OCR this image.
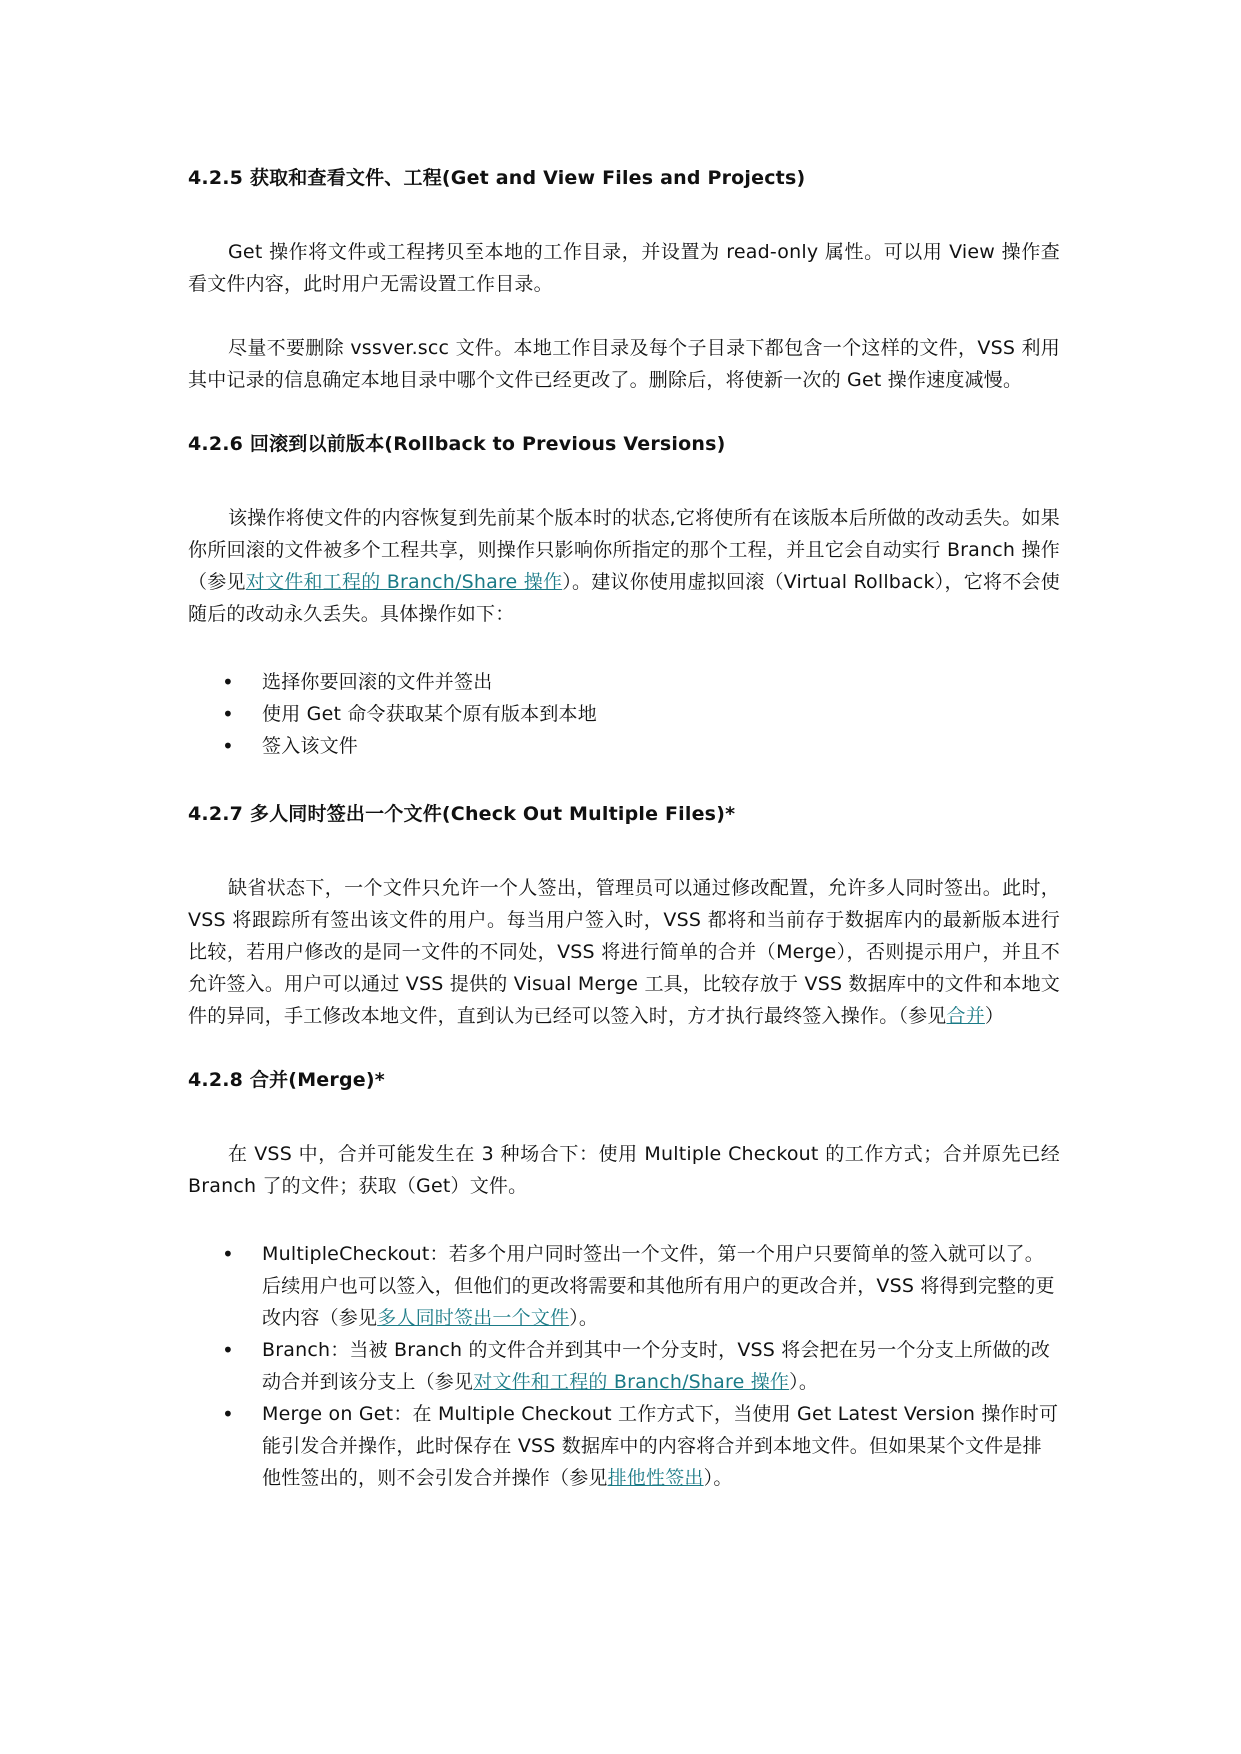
4.2.5 获取和查看文件、工程(Get and View Files and Projects)

Get 操作将文件或工程拷贝至本地的工作目录，并设置为 read-only 属性。可以用 View 操作查看文件内容，此时用户无需设置工作目录。

尽量不要删除 vssver.scc 文件。本地工作目录及每个子目录下都包含一个这样的文件，VSS 利用其中记录的信息确定本地目录中哪个文件已经更改了。删除后，将使新一次的 Get 操作速度减慢。

4.2.6 回滚到以前版本(Rollback to Previous Versions)

该操作将使文件的内容恢复到先前某个版本时的状态,它将使所有在该版本后所做的改动丢失。如果你所回滚的文件被多个工程共享，则操作只影响你所指定的那个工程，并且它会自动实行 Branch 操作（参见对文件和工程的 Branch/Share 操作）。建议你使用虚拟回滚（Virtual Rollback），它将不会使随后的改动永久丢失。具体操作如下：

• 选择你要回滚的文件并签出
• 使用 Get 命令获取某个原有版本到本地
• 签入该文件
4.2.7 多人同时签出一个文件(Check Out Multiple Files)*

缺省状态下，一个文件只允许一个人签出，管理员可以通过修改配置，允许多人同时签出。此时，VSS 将跟踪所有签出该文件的用户。每当用户签入时，VSS 都将和当前存于数据库内的最新版本进行比较，若用户修改的是同一文件的不同处，VSS 将进行简单的合并（Merge），否则提示用户，并且不允许签入。用户可以通过 VSS 提供的 Visual Merge 工具，比较存放于 VSS 数据库中的文件和本地文件的异同，手工修改本地文件，直到认为已经可以签入时，方才执行最终签入操作。（参见合并）

4.2.8 合并(Merge)*

在 VSS 中，合并可能发生在 3 种场合下：使用 Multiple Checkout 的工作方式；合并原先已经 Branch 了的文件；获取（Get）文件。

• MultipleCheckout：若多个用户同时签出一个文件，第一个用户只要简单的签入就可以了。后续用户也可以签入，但他们的更改将需要和其他所有用户的更改合并，VSS 将得到完整的更改内容（参见多人同时签出一个文件）。
• Branch：当被 Branch 的文件合并到其中一个分支时，VSS 将会把在另一个分支上所做的改动合并到该分支上（参见对文件和工程的 Branch/Share 操作）。
• Merge on Get：在 Multiple Checkout 工作方式下，当使用 Get Latest Version 操作时可能引发合并操作，此时保存在 VSS 数据库中的内容将合并到本地文件。但如果某个文件是排他性签出的，则不会引发合并操作（参见排他性签出）。
